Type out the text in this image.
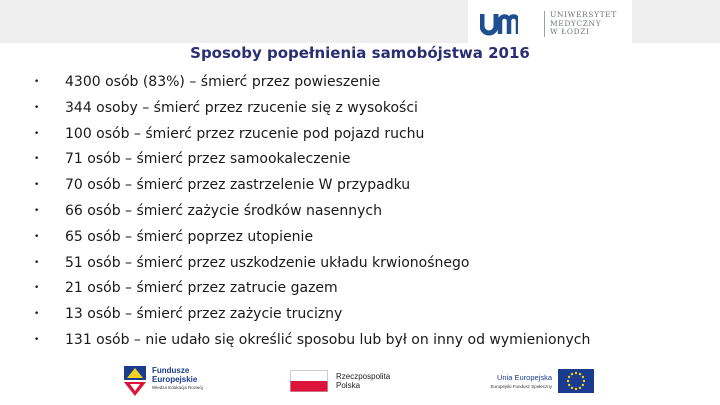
UNIWERSYTET
MEDYCZNY
W ŁODZI
Sposoby popełnienia samobójstwa 2016
• 4300 osób (83%) – śmierć przez powieszenie
• 344 osoby – śmierć przez rzucenie się z wysokości
• 100 osób – śmierć przez rzucenie pod pojazd ruchu
• 71 osób – śmierć przez samookaleczenie
• 70 osób – śmierć przez zastrzelenie W przypadku
• 66 osób – śmierć zażycie środków nasennych
• 65 osób – śmierć poprzez utopienie
• 51 osób – śmierć przez uszkodzenie układu krwionośnego
• 21 osób – śmierć przez zatrucie gazem
• 13 osób – śmierć przez zażycie trucizny
• 131 osób – nie udało się określić sposobu lub był on inny od wymienionych
Fundusze
Europejskie
Wiedza Edukacja Rozwój
Rzeczpospolita
Polska
Unia Europejska
Europejski Fundusz Społeczny
